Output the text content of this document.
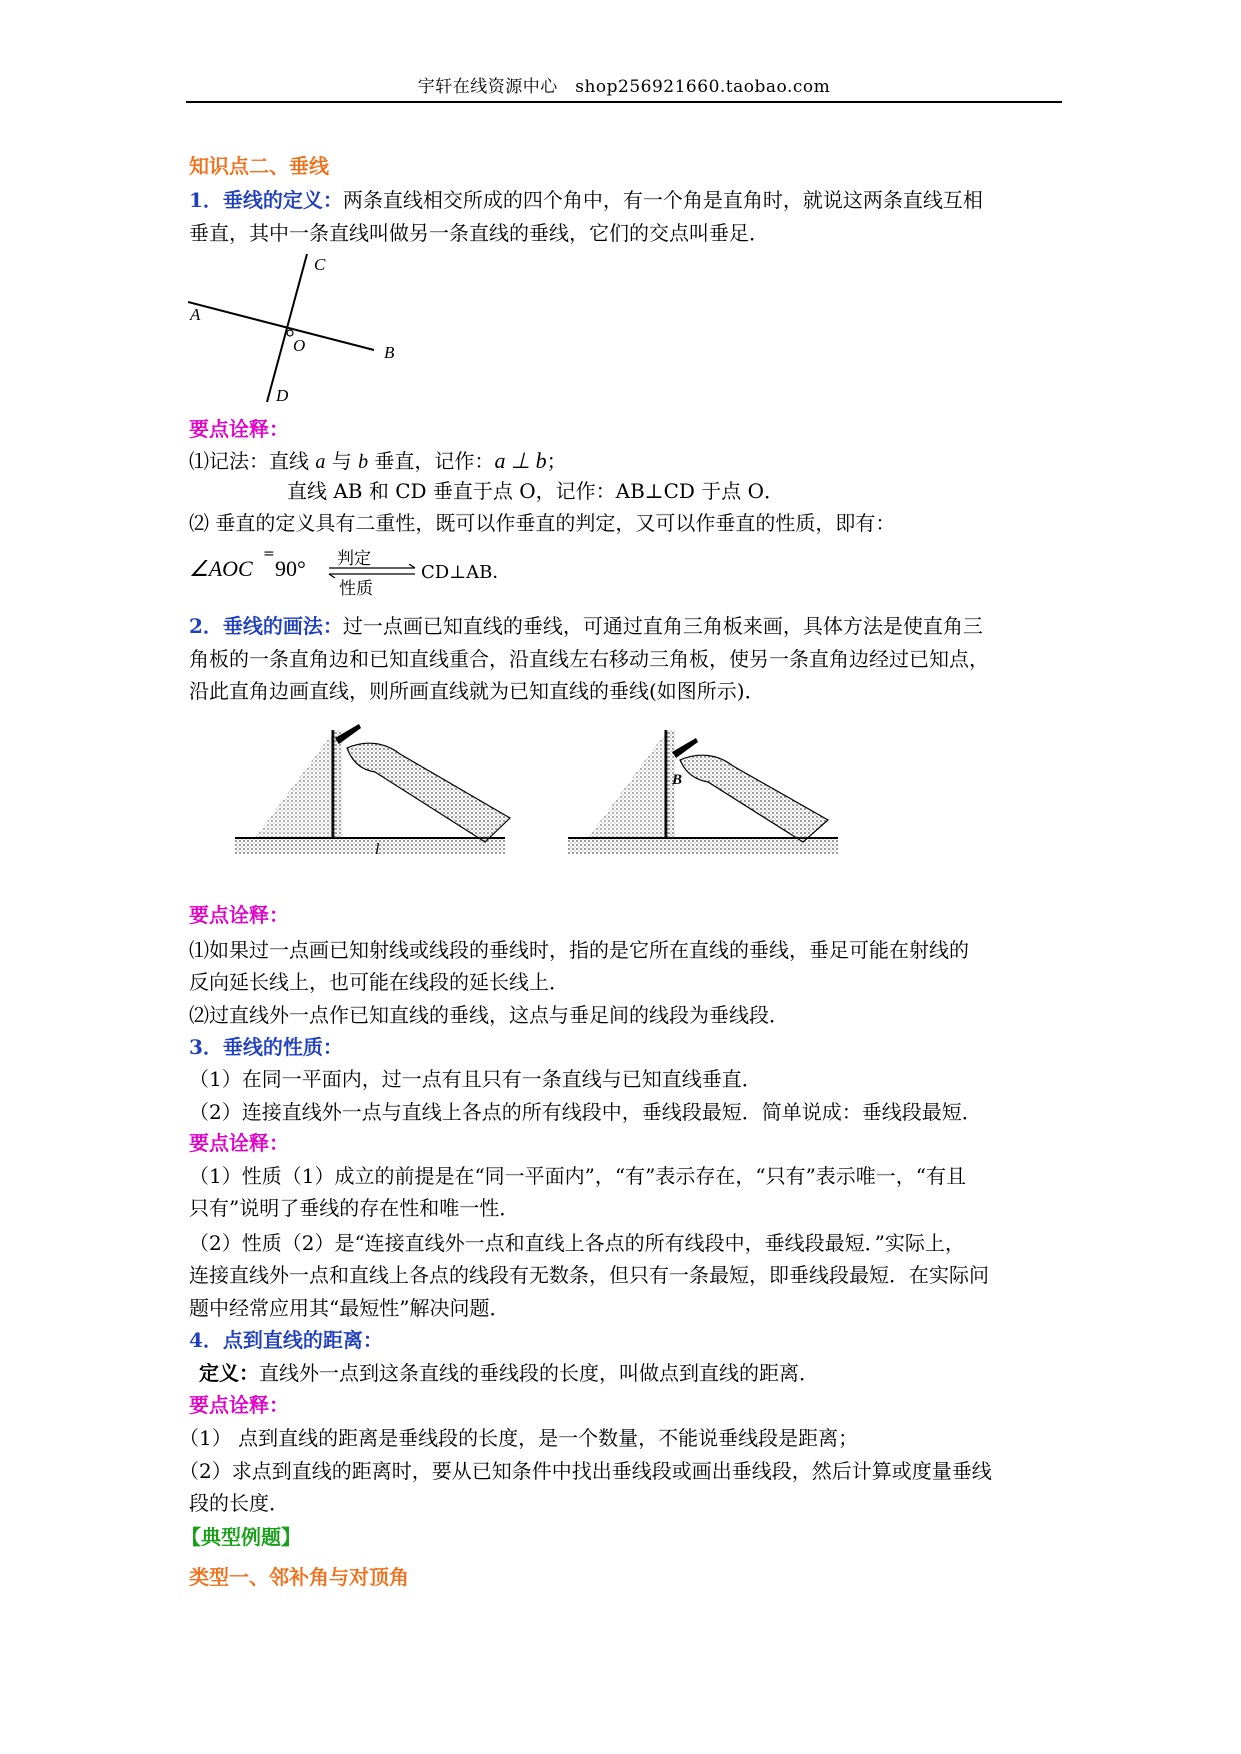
宇轩在线资源中心　shop256921660.taobao.com
知识点二、垂线
1．垂线的定义：两条直线相交所成的四个角中，有一个角是直角时，就说这两条直线互相
垂直，其中一条直线叫做另一条直线的垂线，它们的交点叫垂足．
A
B
C
D
O
要点诠释：
⑴记法：直线 a 与 b 垂直，记作：a ⊥ b；
直线 AB 和 CD 垂直于点 O，记作：AB⊥CD 于点 O．
⑵ 垂直的定义具有二重性，既可以作垂直的判定，又可以作垂直的性质，即有：
∠AOC
=
90° 判定
性质
CD⊥AB．
2．垂线的画法：过一点画已知直线的垂线，可通过直角三角板来画，具体方法是使直角三
角板的一条直角边和已知直线重合，沿直线左右移动三角板，使另一条直角边经过已知点，
沿此直角边画直线，则所画直线就为已知直线的垂线(如图所示)．
l
B
要点诠释：
⑴如果过一点画已知射线或线段的垂线时，指的是它所在直线的垂线，垂足可能在射线的
反向延长线上，也可能在线段的延长线上．
⑵过直线外一点作已知直线的垂线，这点与垂足间的线段为垂线段．
3．垂线的性质：
（1）在同一平面内，过一点有且只有一条直线与已知直线垂直．
（2）连接直线外一点与直线上各点的所有线段中，垂线段最短．简单说成：垂线段最短．
要点诠释：
（1）性质（1）成立的前提是在“同一平面内”，“有”表示存在，“只有”表示唯一，“有且
只有”说明了垂线的存在性和唯一性．
（2）性质（2）是“连接直线外一点和直线上各点的所有线段中，垂线段最短．”实际上，
连接直线外一点和直线上各点的线段有无数条，但只有一条最短，即垂线段最短．在实际问
题中经常应用其“最短性”解决问题．
4．点到直线的距离：
定义：直线外一点到这条直线的垂线段的长度，叫做点到直线的距离．
要点诠释：
（1） 点到直线的距离是垂线段的长度，是一个数量，不能说垂线段是距离；
（2）求点到直线的距离时，要从已知条件中找出垂线段或画出垂线段，然后计算或度量垂线
段的长度．
【典型例题】
类型一、邻补角与对顶角
